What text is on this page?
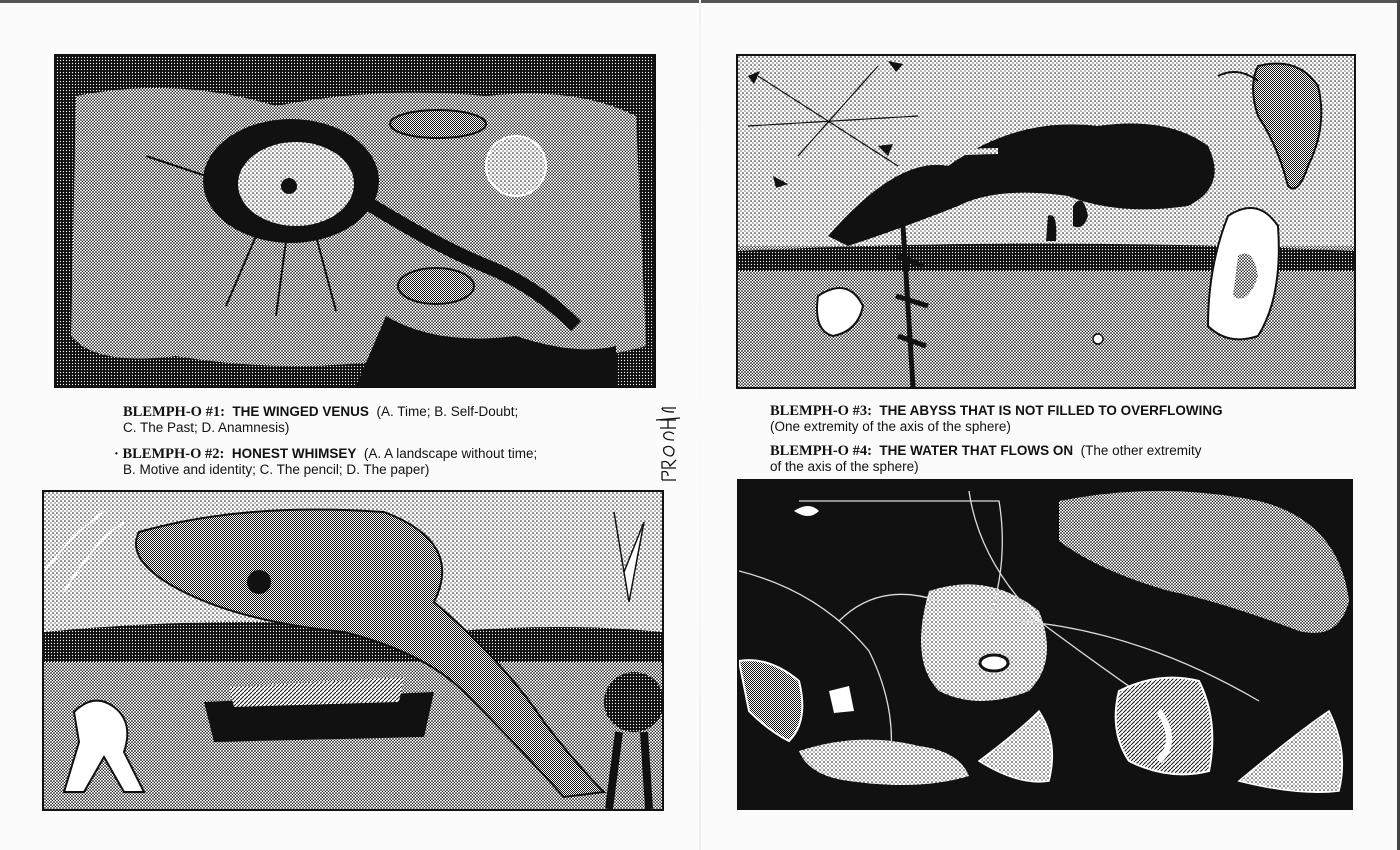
BLEMPH-O #1: THE WINGED VENUS (A. Time; B. Self-Doubt;
C. The Past; D. Anamnesis)
· BLEMPH-O #2: HONEST WHIMSEY (A. A landscape without time;
B. Motive and identity; C. The pencil; D. The paper)
BLEMPH-O #3: THE ABYSS THAT IS NOT FILLED TO OVERFLOWING
(One extremity of the axis of the sphere)
BLEMPH-O #4: THE WATER THAT FLOWS ON (The other extremity
of the axis of the sphere)
